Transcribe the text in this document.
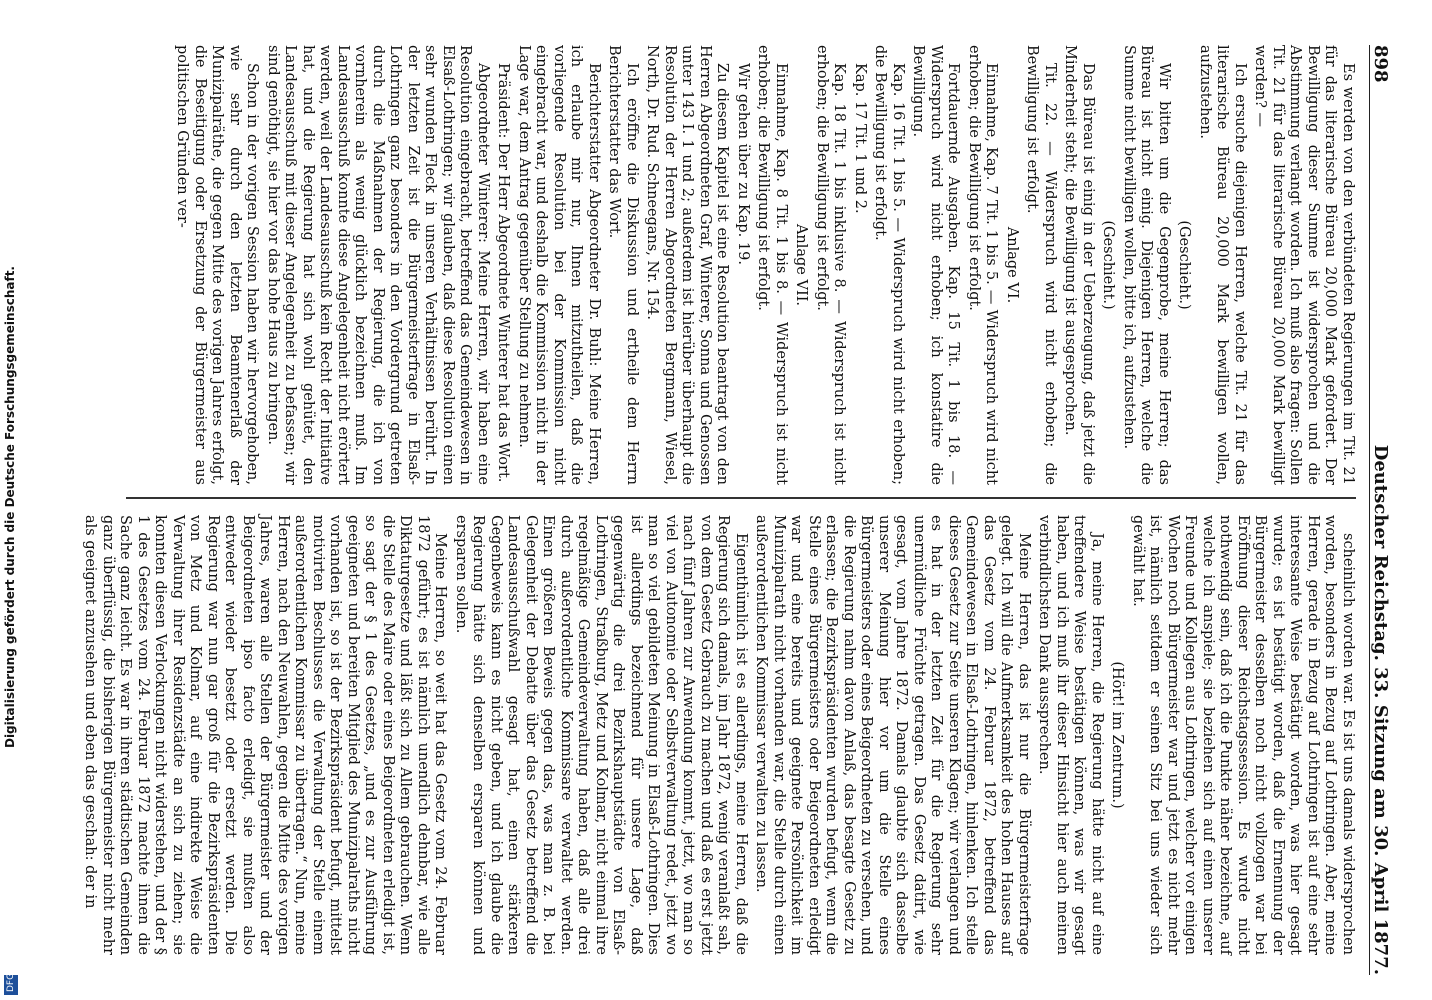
898
Deutscher Reichstag. 33. Sitzung am 30. April 1877.

Es werden von den verbündeten Regierungen im Tit. 21 für das literarische Büreau 20,000 Mark gefordert. Der Bewilligung dieser Summe ist widersprochen und die Abstimmung verlangt worden. Ich muß also fragen: Sollen Tit. 21 für das literarische Büreau 20,000 Mark bewilligt werden? —

Ich ersuche diejenigen Herren, welche Tit. 21 für das literarische Büreau 20,000 Mark bewilligen wollen, aufzustehen.

(Geschieht.)

Wir bitten um die Gegenprobe, meine Herren; das Büreau ist nicht einig. Diejenigen Herren, welche die Summe nicht bewilligen wollen, bitte ich, aufzustehen.

(Geschieht.)

Das Büreau ist einig in der Ueberzeugung, daß jetzt die Minderheit steht; die Bewilligung ist ausgesprochen.

Tit. 22. — Widerspruch wird nicht erhoben; die Bewilligung ist erfolgt.

Anlage VI.

Einnahme, Kap. 7 Tit. 1 bis 5. — Widerspruch wird nicht erhoben; die Bewilligung ist erfolgt.

Fortdauernde Ausgaben. Kap. 15 Tit. 1 bis 18. — Widerspruch wird nicht erhoben; ich konstatire die Bewilligung.

Kap. 16 Tit. 1 bis 5. — Widerspruch wird nicht erhoben; die Bewilligung ist erfolgt.

Kap. 17 Tit. 1 und 2.

Kap. 18 Tit. 1 bis inklusive 8. — Widerspruch ist nicht erhoben; die Bewilligung ist erfolgt.

Anlage VII.

Einnahme, Kap. 8 Tit. 1 bis 8. — Widerspruch ist nicht erhoben; die Bewilligung ist erfolgt.

Wir gehen über zu Kap. 19.

Zu diesem Kapitel ist eine Resolution beantragt von den Herren Abgeordneten Graf, Winterer, Sonna und Genossen unter 143 I. 1 und 2; außerdem ist hierüber überhaupt die Resolution der Herren Abgeordneten Bergmann, Wiesel, North, Dr. Rud. Schneegans, Nr. 154.

Ich eröffne die Diskussion und ertheile dem Herrn Berichterstatter das Wort.

Berichterstatter Abgeordneter Dr. Buhl: Meine Herren, ich erlaube mir nur, Ihnen mitzutheilen, daß die vorliegende Resolution bei der Kommission nicht eingebracht war, und deshalb die Kommission nicht in der Lage war, dem Antrag gegenüber Stellung zu nehmen.

Präsident: Der Herr Abgeordnete Winterer hat das Wort.

Abgeordneter Winterer: Meine Herren, wir haben eine Resolution eingebracht, betreffend das Gemeindewesen in Elsaß-Lothringen; wir glauben, daß diese Resolution einen sehr wunden Fleck in unseren Verhältnissen berührt. In der letzten Zeit ist die Bürgermeisterfrage in Elsaß-Lothringen ganz besonders in den Vordergrund getreten durch die Maßnahmen der Regierung, die ich von vornherein als wenig glücklich bezeichnen muß. Im Landesausschuß konnte diese Angelegenheit nicht erörtert werden, weil der Landesausschuß kein Recht der Initiative hat, und die Regierung hat sich wohl gehütet, den Landesausschuß mit dieser Angelegenheit zu befassen; wir sind genöthigt, sie hier vor das hohe Haus zu bringen.

Schon in der vorigen Session haben wir hervorgehoben, wie sehr durch den letzten Beamtenerlaß der Munizipalräthe, die gegen Mitte des vorigen Jahres erfolgt, die Beseitigung oder Ersetzung der Bürgermeister aus politischen Gründen ver-

scheinlich worden war. Es ist uns damals widersprochen worden, besonders in Bezug auf Lothringen. Aber, meine Herren, gerade in Bezug auf Lothringen ist auf eine sehr interessante Weise bestätigt worden, was hier gesagt wurde; es ist bestätigt worden, daß die Ernennung der Bürgermeister desselben noch nicht vollzogen war bei Eröffnung dieser Reichstagssession. Es wurde nicht nothwendig sein, daß ich die Punkte näher bezeichne, auf welche ich anspiele; sie beziehen sich auf einen unserer Freunde und Kollegen aus Lothringen, welcher vor einigen Wochen noch Bürgermeister war und jetzt es nicht mehr ist, nämlich seitdem er seinen Sitz bei uns wieder sich gewählt hat.

(Hört! im Zentrum.)

Ja, meine Herren, die Regierung hätte nicht auf eine treffendere Weise bestätigen können, was wir gesagt haben, und ich muß ihr dieser Hinsicht hier auch meinen verbindlichsten Dank aussprechen.

Meine Herren, das ist nur die Bürgermeisterfrage gelegt. Ich will die Aufmerksamkeit des hohen Hauses auf das Gesetz vom 24. Februar 1872, betreffend das Gemeindewesen in Elsaß-Lothringen, hinlenken. Ich stelle dieses Gesetz zur Seite unseren Klagen; wir verlangen und es hat in der letzten Zeit für die Regierung sehr unermüdliche Früchte getragen. Das Gesetz datirt, wie gesagt, vom Jahre 1872. Damals glaubte sich dasselbe unserer Meinung hier vor um die Stelle eines Bürgermeisters oder eines Beigeordneten zu versehen, und die Regierung nahm davon Anlaß, das besagte Gesetz zu erlassen; die Bezirkspräsidenten wurden befugt, wenn die Stelle eines Bürgermeisters oder Beigeordneten erledigt war und eine bereits und geeignete Persönlichkeit im Munizipalrath nicht vorhanden war, die Stelle durch einen außerordentlichen Kommissar verwalten zu lassen.

Eigenthümlich ist es allerdings, meine Herren, daß die Regierung sich damals, im Jahr 1872, wenig veranlaßt sah, von dem Gesetz Gebrauch zu machen und daß es erst jetzt nach fünf Jahren zur Anwendung kommt, jetzt, wo man so viel von Autonomie oder Selbstverwaltung redet, jetzt wo man so viel gebildeten Meinung in Elsaß-Lothringen. Dies ist allerdings bezeichnend für unsere Lage, daß gegenwärtig die drei Bezirkshauptstädte von Elsaß-Lothringen, Straßburg, Metz und Kolmar, nicht einmal ihre regelmäßige Gemeindeverwaltung haben, daß alle drei durch außerordentliche Kommissare verwaltet werden. Einen größeren Beweis gegen das, was man z. B. bei Gelegenheit der Debatte über das Gesetz betreffend die Landesausschußwahl gesagt hat, einen stärkeren Gegenbeweis kann es nicht geben, und ich glaube die Regierung hätte sich denselben ersparen können und ersparen sollen.

Meine Herren, so weit hat das Gesetz vom 24. Februar 1872 geführt; es ist nämlich unendlich dehnbar, wie alle Diktaturgesetze und läßt sich zu Allem gebrauchen. Wenn die Stelle des Maire oder eines Beigeordneten erledigt ist, so sagt der § 1 des Gesetzes, „und es zur Ausführung geeigneten und bereiten Mitglied des Munizipalraths nicht vorhanden ist, so ist der Bezirkspräsident befugt, mittelst motivirten Beschlusses die Verwaltung der Stelle einem außerordentlichen Kommissar zu übertragen.“ Nun, meine Herren, nach den Neuwahlen, gegen die Mitte des vorigen Jahres, waren alle Stellen der Bürgermeister und der Beigeordneten ipso facto erledigt, sie mußten also entweder wieder besetzt oder ersetzt werden. Die Regierung war nun gar groß für die Bezirkspräsidenten von Metz und Kolmar, auf eine indirekte Weise die Verwaltung ihrer Residenzstädte an sich zu ziehen; sie konnten diesen Verlockungen nicht widerstehen, und der § 1 des Gesetzes vom 24. Februar 1872 machte ihnen die Sache ganz leicht. Es war in ihren städtischen Gemeinden ganz überflüssig, die bisherigen Bürgermeister nicht mehr als geeignet anzusehen und eben das geschah: der in

Digitalisierung gefördert durch die Deutsche Forschungsgemeinschaft.
DFG
